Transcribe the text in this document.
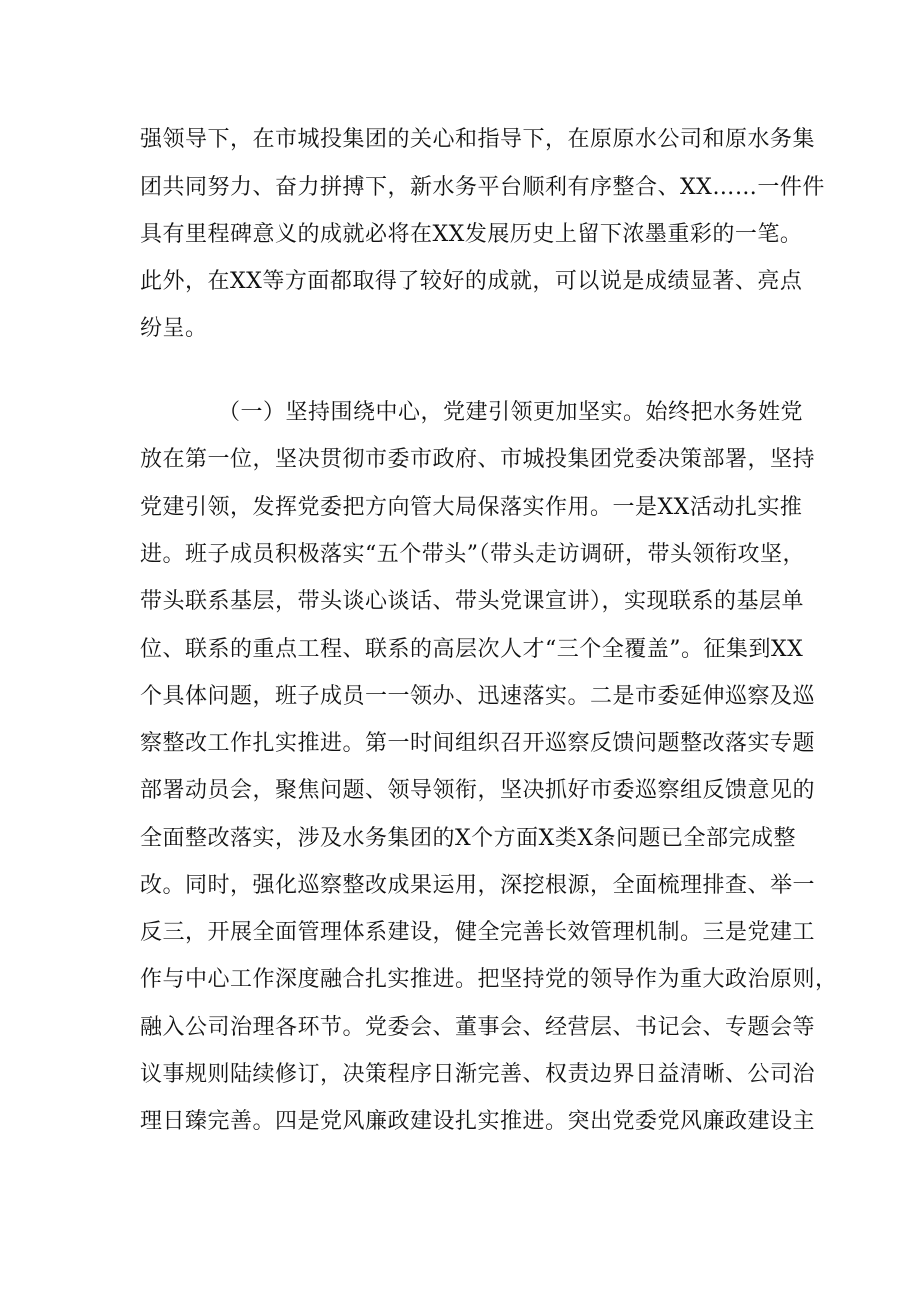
强领导下，在市城投集团的关心和指导下，在原原水公司和原水务集
团共同努力、奋力拼搏下，新水务平台顺利有序整合、XX……一件件
具有里程碑意义的成就必将在XX发展历史上留下浓墨重彩的一笔。
此外，在XX等方面都取得了较好的成就，可以说是成绩显著、亮点
纷呈。
（一）坚持围绕中心，党建引领更加坚实。始终把水务姓党
放在第一位，坚决贯彻市委市政府、市城投集团党委决策部署，坚持
党建引领，发挥党委把方向管大局保落实作用。一是XX活动扎实推
进。班子成员积极落实“五个带头”（带头走访调研，带头领衔攻坚，
带头联系基层，带头谈心谈话、带头党课宣讲），实现联系的基层单
位、联系的重点工程、联系的高层次人才“三个全覆盖”。征集到XX
个具体问题，班子成员一一领办、迅速落实。二是市委延伸巡察及巡
察整改工作扎实推进。第一时间组织召开巡察反馈问题整改落实专题
部署动员会，聚焦问题、领导领衔，坚决抓好市委巡察组反馈意见的
全面整改落实，涉及水务集团的X个方面X类X条问题已全部完成整
改。同时，强化巡察整改成果运用，深挖根源，全面梳理排查、举一
反三，开展全面管理体系建设，健全完善长效管理机制。三是党建工
作与中心工作深度融合扎实推进。把坚持党的领导作为重大政治原则，
融入公司治理各环节。党委会、董事会、经营层、书记会、专题会等
议事规则陆续修订，决策程序日渐完善、权责边界日益清晰、公司治
理日臻完善。四是党风廉政建设扎实推进。突出党委党风廉政建设主
